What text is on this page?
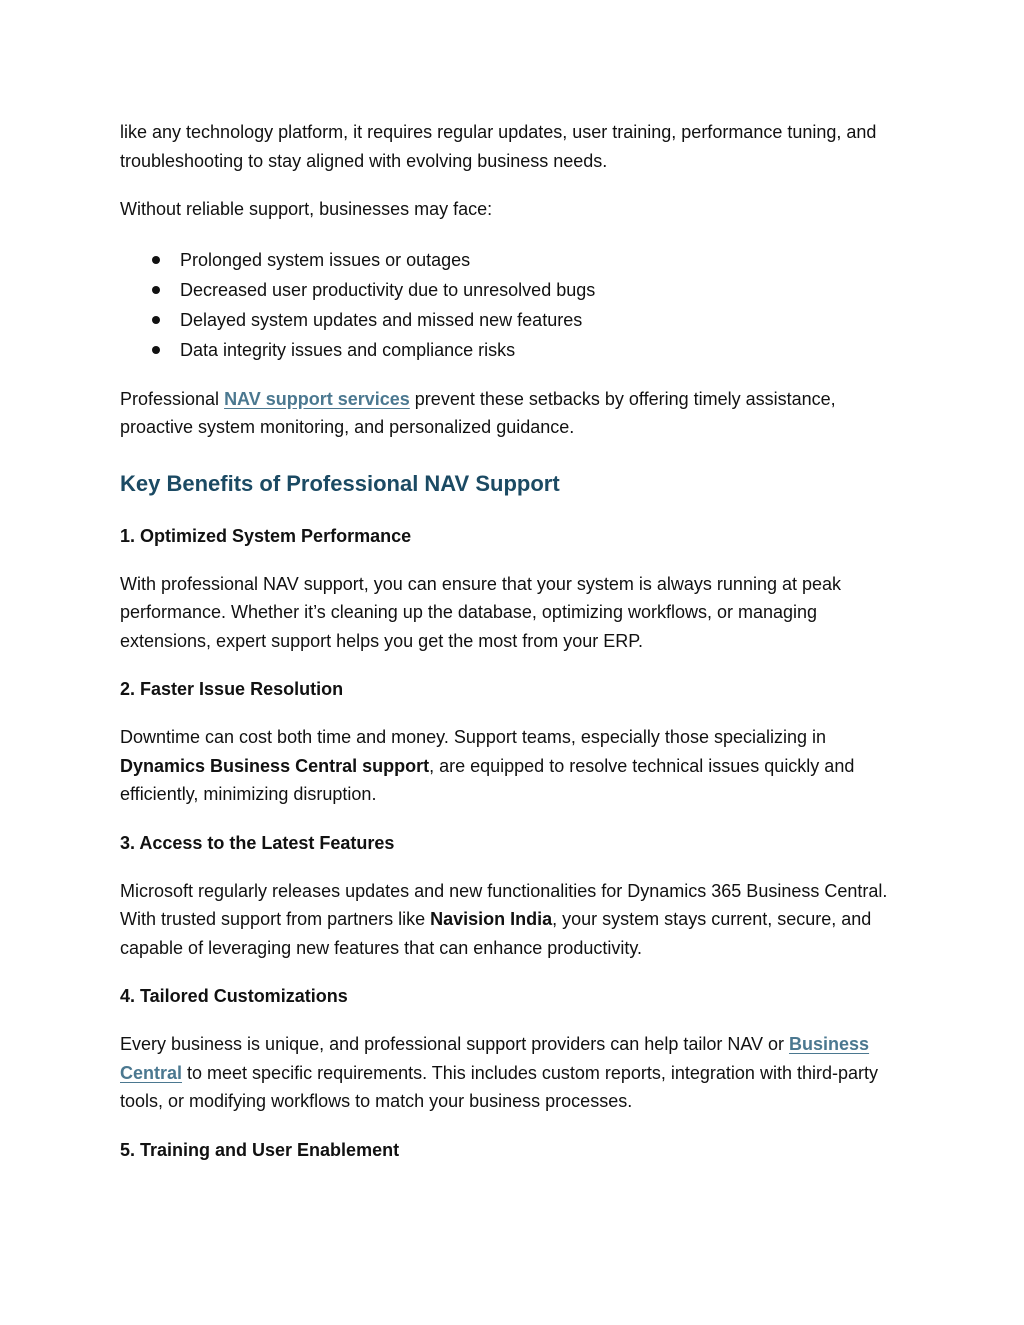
like any technology platform, it requires regular updates, user training, performance tuning, and troubleshooting to stay aligned with evolving business needs.

Without reliable support, businesses may face:

Prolonged system issues or outages
Decreased user productivity due to unresolved bugs
Delayed system updates and missed new features
Data integrity issues and compliance risks

Professional NAV support services prevent these setbacks by offering timely assistance, proactive system monitoring, and personalized guidance.

Key Benefits of Professional NAV Support
1. Optimized System Performance

With professional NAV support, you can ensure that your system is always running at peak performance. Whether it’s cleaning up the database, optimizing workflows, or managing extensions, expert support helps you get the most from your ERP.

2. Faster Issue Resolution

Downtime can cost both time and money. Support teams, especially those specializing in Dynamics Business Central support, are equipped to resolve technical issues quickly and efficiently, minimizing disruption.

3. Access to the Latest Features

Microsoft regularly releases updates and new functionalities for Dynamics 365 Business Central. With trusted support from partners like Navision India, your system stays current, secure, and capable of leveraging new features that can enhance productivity.

4. Tailored Customizations

Every business is unique, and professional support providers can help tailor NAV or Business Central to meet specific requirements. This includes custom reports, integration with third-party tools, or modifying workflows to match your business processes.

5. Training and User Enablement
